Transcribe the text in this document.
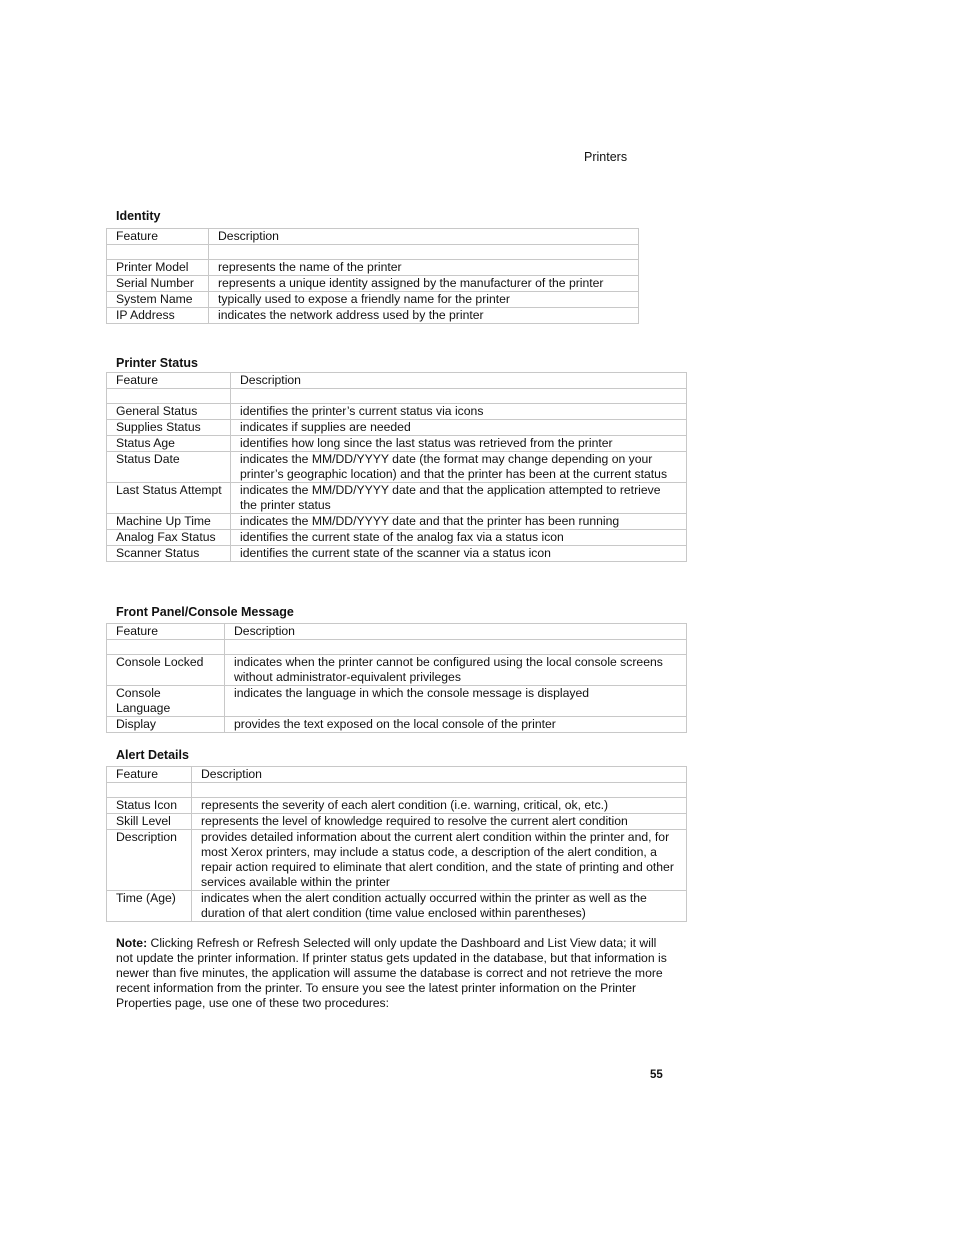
Printers
Identity
Feature	Description

Printer Model	represents the name of the printer
Serial Number	represents a unique identity assigned by the manufacturer of the printer
System Name	typically used to expose a friendly name for the printer
IP Address	indicates the network address used by the printer
Printer Status
Feature	Description

General Status	identifies the printer’s current status via icons
Supplies Status	indicates if supplies are needed
Status Age	identifies how long since the last status was retrieved from the printer
Status Date	indicates the MM/DD/YYYY date (the format may change depending on your printer’s geographic location) and that the printer has been at the current status
Last Status Attempt	indicates the MM/DD/YYYY date and that the application attempted to retrieve the printer status
Machine Up Time	indicates the MM/DD/YYYY date and that the printer has been running
Analog Fax Status	identifies the current state of the analog fax via a status icon
Scanner Status	identifies the current state of the scanner via a status icon
Front Panel/Console Message
Feature	Description

Console Locked	indicates when the printer cannot be configured using the local console screens without administrator-equivalent privileges
Console Language	indicates the language in which the console message is displayed
Display	provides the text exposed on the local console of the printer
Alert Details
Feature	Description

Status Icon	represents the severity of each alert condition (i.e. warning, critical, ok, etc.)
Skill Level	represents the level of knowledge required to resolve the current alert condition
Description	provides detailed information about the current alert condition within the printer and, for most Xerox printers, may include a status code, a description of the alert condition, a repair action required to eliminate that alert condition, and the state of printing and other services available within the printer
Time (Age)	indicates when the alert condition actually occurred within the printer as well as the duration of that alert condition (time value enclosed within parentheses)
Note: Clicking Refresh or Refresh Selected will only update the Dashboard and List View data; it will not update the printer information. If printer status gets updated in the database, but that information is newer than five minutes, the application will assume the database is correct and not retrieve the more recent information from the printer. To ensure you see the latest printer information on the Printer Properties page, use one of these two procedures:
55
